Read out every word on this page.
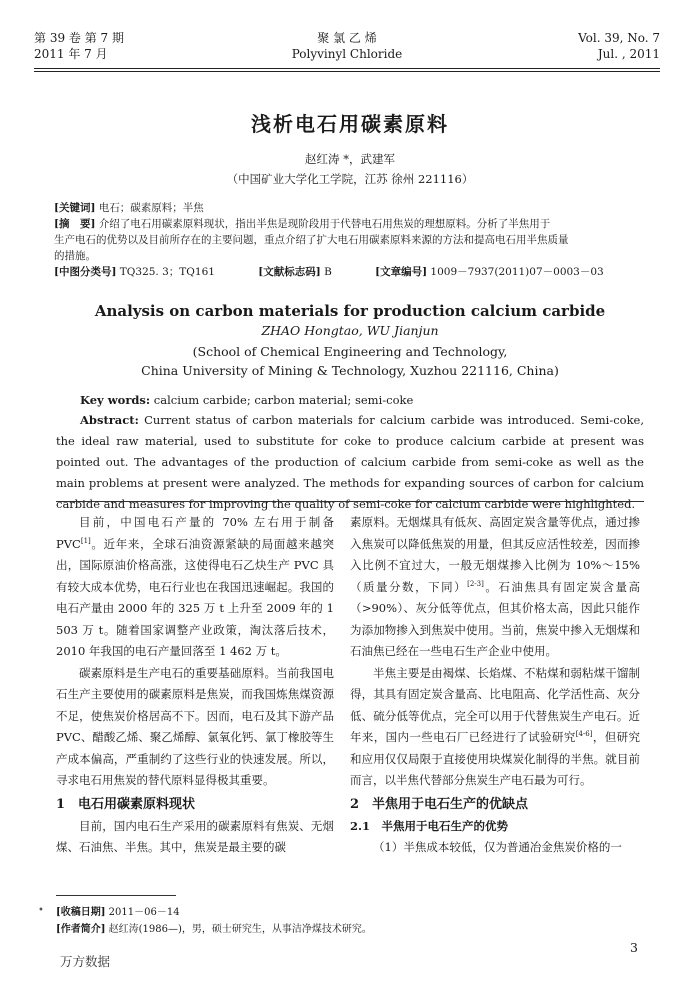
第 39 卷 第 7 期
2011 年 7 月
聚 氯 乙 烯
Polyvinyl Chloride
Vol. 39, No. 7
Jul. , 2011
浅析电石用碳素原料
赵红涛 *，武建军
（中国矿业大学化工学院，江苏 徐州 221116）
[关键词] 电石；碳素原料；半焦
[摘　要] 介绍了电石用碳素原料现状，指出半焦是现阶段用于代替电石用焦炭的理想原料。分析了半焦用于
生产电石的优势以及目前所存在的主要问题，重点介绍了扩大电石用碳素原料来源的方法和提高电石用半焦质量
的措施。
[中图分类号] TQ325. 3；TQ161	[文献标志码] B	[文章编号] 1009－7937(2011)07－0003－03
Analysis on carbon materials for production calcium carbide
ZHAO Hongtao, WU Jianjun
(School of Chemical Engineering and Technology,
China University of Mining & Technology, Xuzhou 221116, China)
Key words: calcium carbide; carbon material; semi-coke
Abstract: Current status of carbon materials for calcium carbide was introduced. Semi-coke, the ideal raw material, used to substitute for coke to produce calcium carbide at present was pointed out. The advantages of the production of calcium carbide from semi-coke as well as the main problems at present were analyzed. The methods for expanding sources of carbon for calcium carbide and measures for improving the quality of semi-coke for calcium carbide were highlighted.

目前，中国电石产量的 70% 左右用于制备 PVC[1]。近年来，全球石油资源紧缺的局面越来越突出，国际原油价格高涨，这使得电石乙炔生产 PVC 具有较大成本优势，电石行业也在我国迅速崛起。我国的电石产量由 2000 年的 325 万 t 上升至 2009 年的 1 503 万 t。随着国家调整产业政策，淘汰落后技术，2010 年我国的电石产量回落至 1 462 万 t。

碳素原料是生产电石的重要基础原料。当前我国电石生产主要使用的碳素原料是焦炭，而我国炼焦煤资源不足，使焦炭价格居高不下。因而，电石及其下游产品 PVC、醋酸乙烯、聚乙烯醇、氯氧化钙、氯丁橡胶等生产成本偏高，严重制约了这些行业的快速发展。所以，寻求电石用焦炭的替代原料显得极其重要。

1　电石用碳素原料现状

目前，国内电石生产采用的碳素原料有焦炭、无烟煤、石油焦、半焦。其中，焦炭是最主要的碳

素原料。无烟煤具有低灰、高固定炭含量等优点，通过掺入焦炭可以降低焦炭的用量，但其反应活性较差，因而掺入比例不宜过大，一般无烟煤掺入比例为 10%～15%（质量分数，下同）[2-3]。石油焦具有固定炭含量高（>90%）、灰分低等优点，但其价格太高，因此只能作为添加物掺入到焦炭中使用。当前，焦炭中掺入无烟煤和石油焦已经在一些电石生产企业中使用。

半焦主要是由褐煤、长焰煤、不粘煤和弱粘煤干馏制得，其具有固定炭含量高、比电阻高、化学活性高、灰分低、硫分低等优点，完全可以用于代替焦炭生产电石。近年来，国内一些电石厂已经进行了试验研究[4-6]，但研究和应用仅仅局限于直接使用块煤炭化制得的半焦。就目前而言，以半焦代替部分焦炭生产电石最为可行。

2　半焦用于电石生产的优缺点
2.1　半焦用于电石生产的优势

（1）半焦成本较低，仅为普通冶金焦炭价格的一

• [收稿日期] 2011－06－14
[作者简介] 赵红涛(1986—)，男，硕士研究生，从事洁净煤技术研究。
万方数据
3
